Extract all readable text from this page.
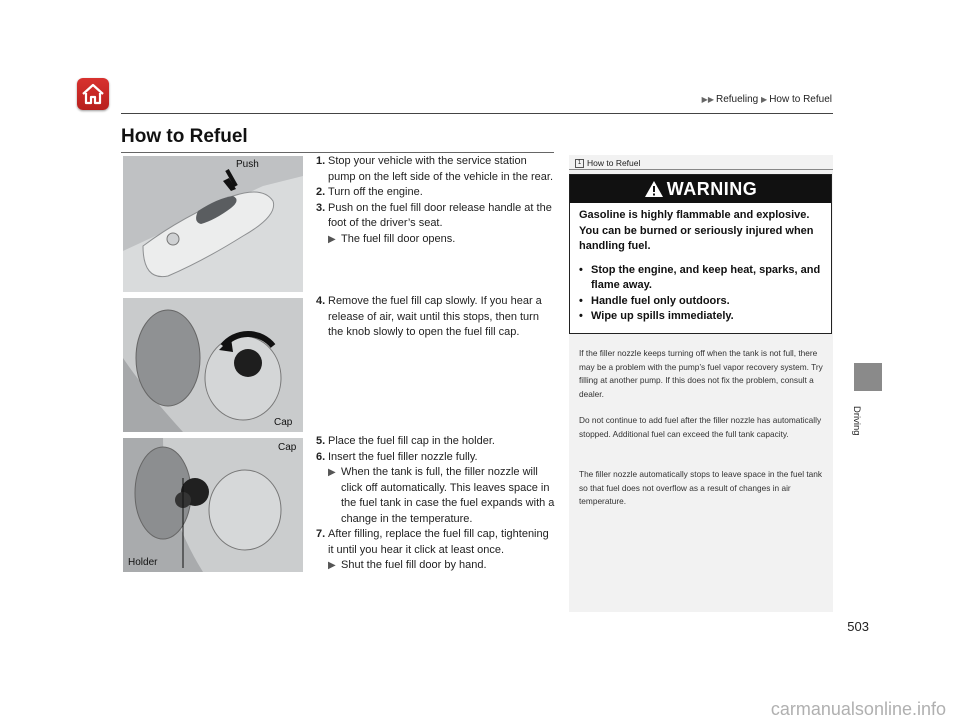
▶▶ Refueling ▶ How to Refuel
How to Refuel
Push
Cap
Cap
Holder
1. Stop your vehicle with the service station pump on the left side of the vehicle in the rear.
2. Turn off the engine.
3. Push on the fuel fill door release handle at the foot of the driver’s seat.
▶ The fuel fill door opens.
4. Remove the fuel fill cap slowly. If you hear a release of air, wait until this stops, then turn the knob slowly to open the fuel fill cap.
5. Place the fuel fill cap in the holder.
6. Insert the fuel filler nozzle fully.
▶ When the tank is full, the filler nozzle will click off automatically. This leaves space in the fuel tank in case the fuel expands with a change in the temperature.
7. After filling, replace the fuel fill cap, tightening it until you hear it click at least once.
▶ Shut the fuel fill door by hand.
1 How to Refuel
WARNING

Gasoline is highly flammable and explosive. You can be burned or seriously injured when handling fuel.

• Stop the engine, and keep heat, sparks, and flame away.
• Handle fuel only outdoors.
• Wipe up spills immediately.
If the filler nozzle keeps turning off when the tank is not full, there may be a problem with the pump’s fuel vapor recovery system. Try filling at another pump. If this does not fix the problem, consult a dealer.
Do not continue to add fuel after the filler nozzle has automatically stopped. Additional fuel can exceed the full tank capacity.
The filler nozzle automatically stops to leave space in the fuel tank so that fuel does not overflow as a result of changes in air temperature.
Driving
503
carmanualsonline.info
